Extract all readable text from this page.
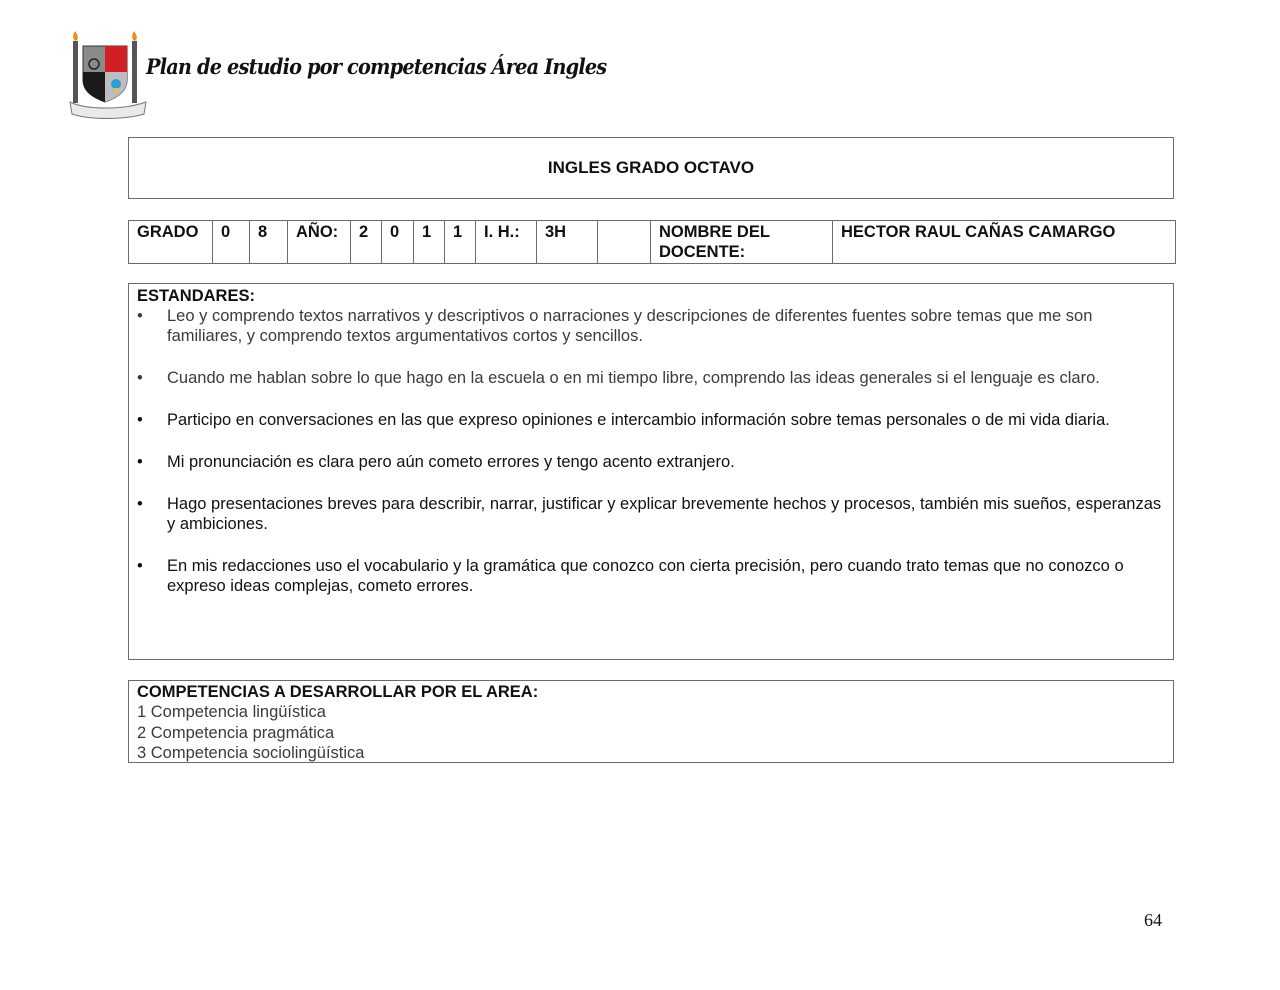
Plan de estudio por competencias Área Ingles
INGLES GRADO OCTAVO
GRADO	0	8	AÑO:	2	0	1	1	I. H.:	3H		NOMBRE DEL DOCENTE:	HECTOR RAUL CAÑAS CAMARGO
ESTANDARES:
• Leo y comprendo textos narrativos y descriptivos o narraciones y descripciones de diferentes fuentes sobre temas que me son familiares, y comprendo textos argumentativos cortos y sencillos.
• Cuando me hablan sobre lo que hago en la escuela o en mi tiempo libre, comprendo las ideas generales si el lenguaje es claro.
• Participo en conversaciones en las que expreso opiniones e intercambio información sobre temas personales o de mi vida diaria.
• Mi pronunciación es clara pero aún cometo errores y tengo acento extranjero.
• Hago presentaciones breves para describir, narrar, justificar y explicar brevemente hechos y procesos, también mis sueños, esperanzas y ambiciones.
• En mis redacciones uso el vocabulario y la gramática que conozco con cierta precisión, pero cuando trato temas que no conozco o expreso ideas complejas, cometo errores.
COMPETENCIAS A DESARROLLAR POR EL AREA:
1 Competencia lingüística
2 Competencia pragmática
3 Competencia sociolingüística
64
